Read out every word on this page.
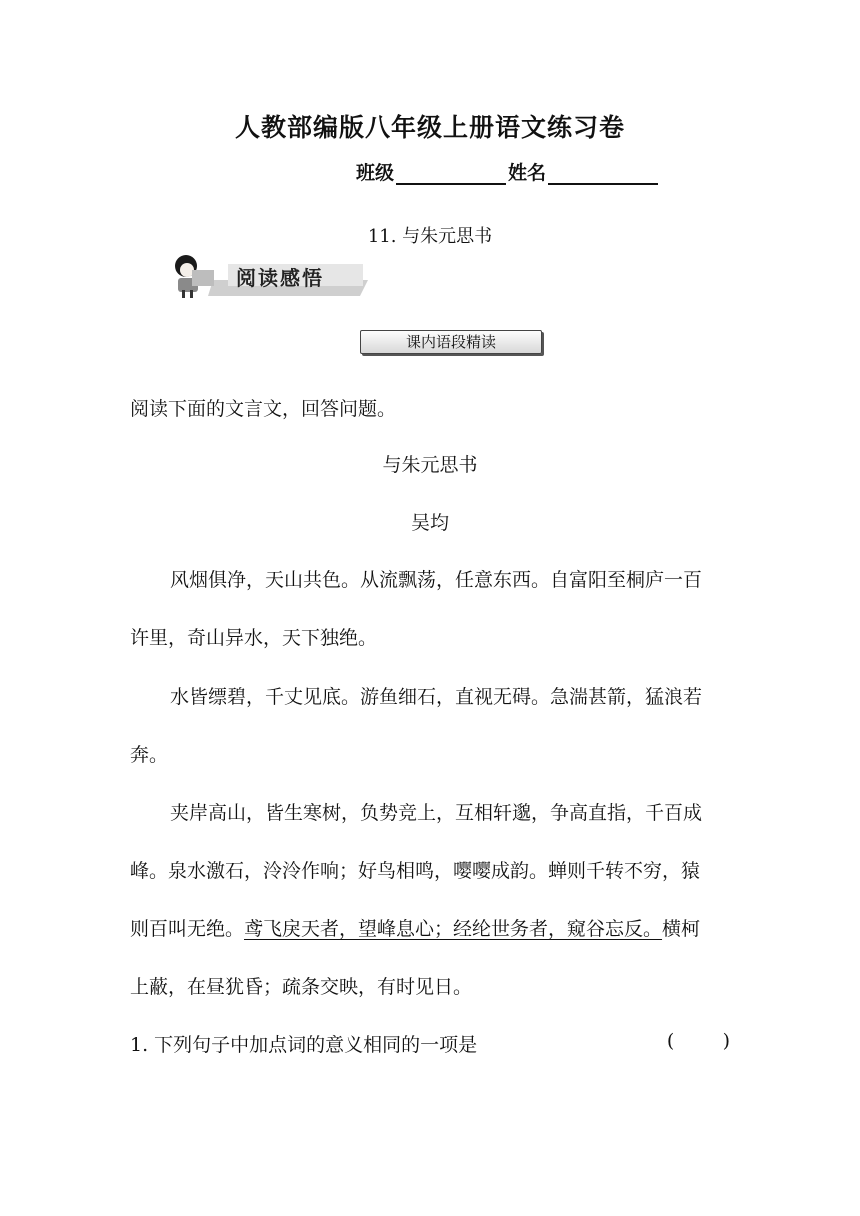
人教部编版八年级上册语文练习卷
班级	姓名
11. 与朱元思书
阅读感悟
课内语段精读
阅读下面的文言文，回答问题。
与朱元思书
吴均
风烟俱净，天山共色。从流飘荡，任意东西。自富阳至桐庐一百
许里，奇山异水，天下独绝。
水皆缥碧，千丈见底。游鱼细石，直视无碍。急湍甚箭，猛浪若
奔。
夹岸高山，皆生寒树，负势竞上，互相轩邈，争高直指，千百成
峰。泉水激石，泠泠作响；好鸟相鸣，嘤嘤成韵。蝉则千转不穷，猿
则百叫无绝。鸢飞戾天者，望峰息心；经纶世务者，窥谷忘反。横柯
上蔽，在昼犹昏；疏条交映，有时见日。
1. 下列句子中加点词的意义相同的一项是	(        )
